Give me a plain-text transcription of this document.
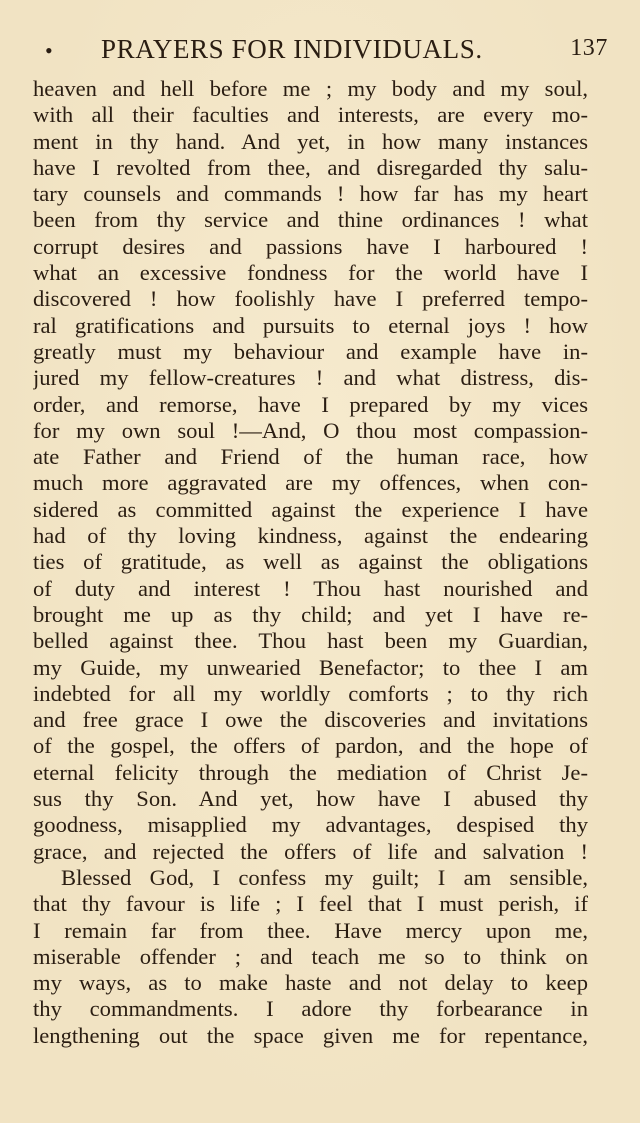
• PRAYERS FOR INDIVIDUALS.	137
heaven and hell before me ; my body and my soul,
with all their faculties and interests, are every mo-
ment in thy hand. And yet, in how many instances
have I revolted from thee, and disregarded thy salu-
tary counsels and commands ! how far has my heart
been from thy service and thine ordinances ! what
corrupt desires and passions have I harboured !
what an excessive fondness for the world have I
discovered ! how foolishly have I preferred tempo-
ral gratifications and pursuits to eternal joys ! how
greatly must my behaviour and example have in-
jured my fellow-creatures ! and what distress, dis-
order, and remorse, have I prepared by my vices
for my own soul !—And, O thou most compassion-
ate Father and Friend of the human race, how
much more aggravated are my offences, when con-
sidered as committed against the experience I have
had of thy loving kindness, against the endearing
ties of gratitude, as well as against the obligations
of duty and interest ! Thou hast nourished and
brought me up as thy child; and yet I have re-
belled against thee. Thou hast been my Guardian,
my Guide, my unwearied Benefactor; to thee I am
indebted for all my worldly comforts ; to thy rich
and free grace I owe the discoveries and invitations
of the gospel, the offers of pardon, and the hope of
eternal felicity through the mediation of Christ Je-
sus thy Son. And yet, how have I abused thy
goodness, misapplied my advantages, despised thy
grace, and rejected the offers of life and salvation !
Blessed God, I confess my guilt; I am sensible,
that thy favour is life ; I feel that I must perish, if
I remain far from thee. Have mercy upon me,
miserable offender ; and teach me so to think on
my ways, as to make haste and not delay to keep
thy commandments. I adore thy forbearance in
lengthening out the space given me for repentance,
